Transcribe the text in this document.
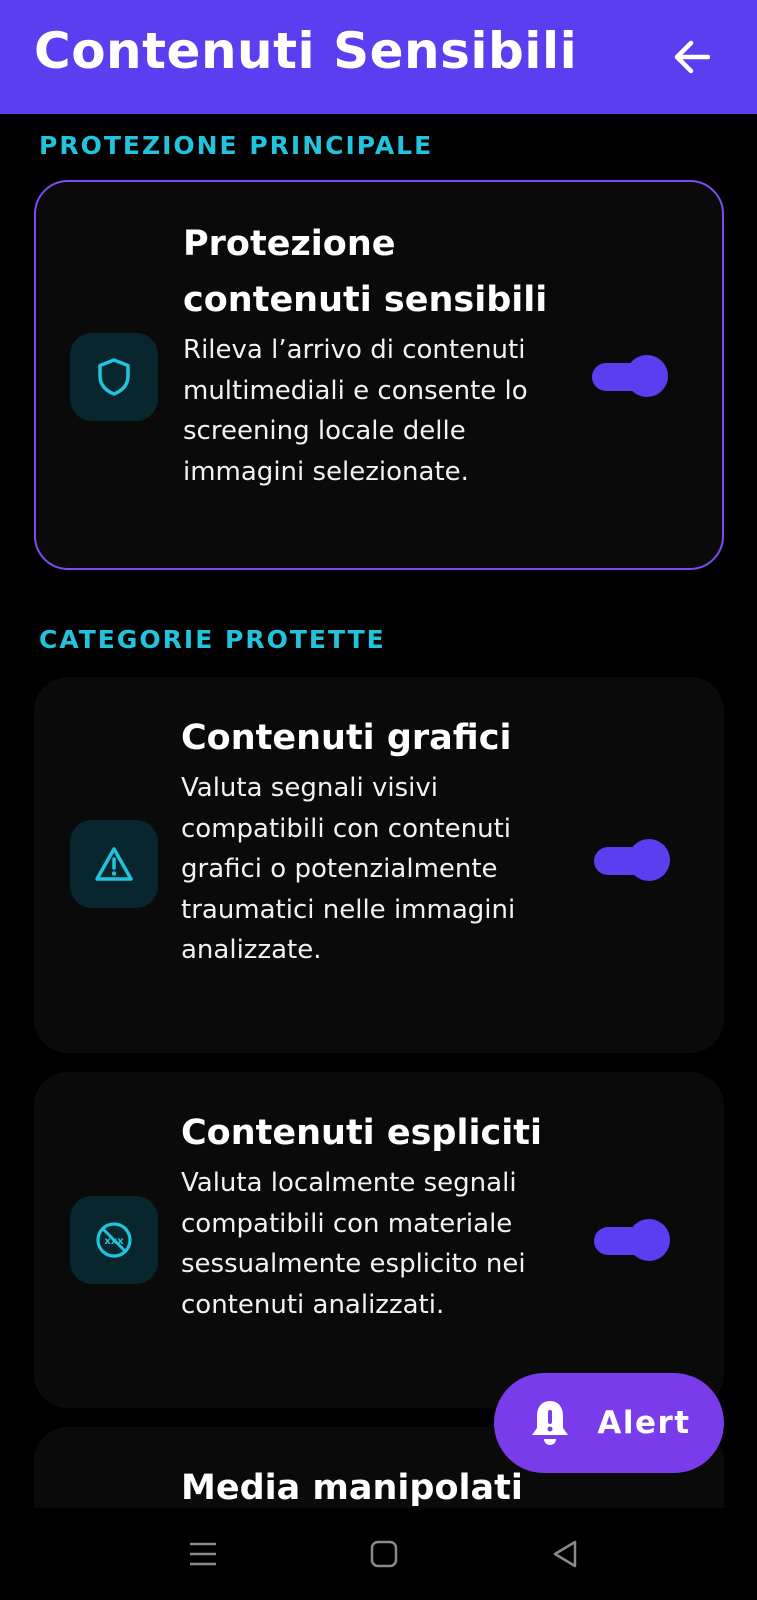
Contenuti Sensibili
PROTEZIONE PRINCIPALE
Protezione
contenuti sensibili
Rileva l’arrivo di contenuti multimediali e consente lo screening locale delle immagini selezionate.
CATEGORIE PROTETTE
Contenuti grafici
Valuta segnali visivi compatibili con contenuti grafici o potenzialmente traumatici nelle immagini analizzate.
xxx
Contenuti espliciti
Valuta localmente segnali compatibili con materiale sessualmente esplicito nei contenuti analizzati.
Media manipolati
Alert
